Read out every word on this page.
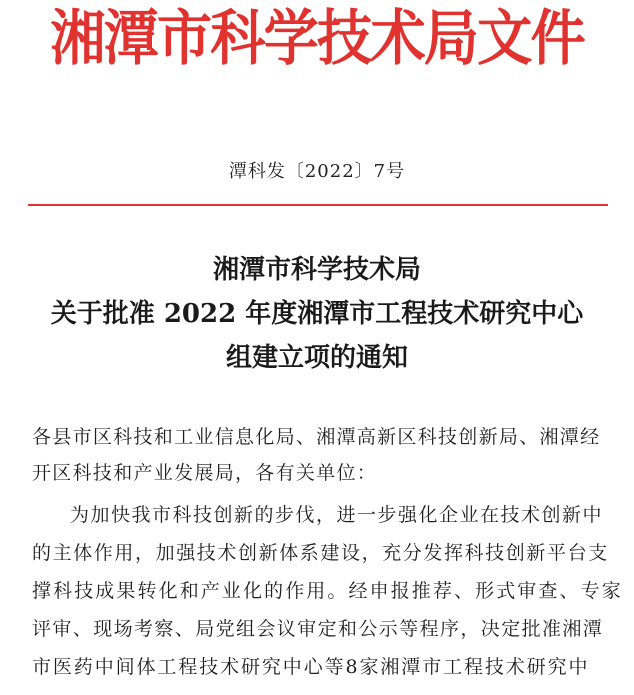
湘潭市科学技术局文件
潭科发〔2022〕7号
湘潭市科学技术局
关于批准 2022 年度湘潭市工程技术研究中心
组建立项的通知
各县市区科技和工业信息化局、湘潭高新区科技创新局、湘潭经
开区科技和产业发展局，各有关单位：
为加快我市科技创新的步伐，进一步强化企业在技术创新中
的主体作用，加强技术创新体系建设，充分发挥科技创新平台支
撑科技成果转化和产业化的作用。经申报推荐、形式审查、专家
评审、现场考察、局党组会议审定和公示等程序，决定批准湘潭
市医药中间体工程技术研究中心等8家湘潭市工程技术研究中
